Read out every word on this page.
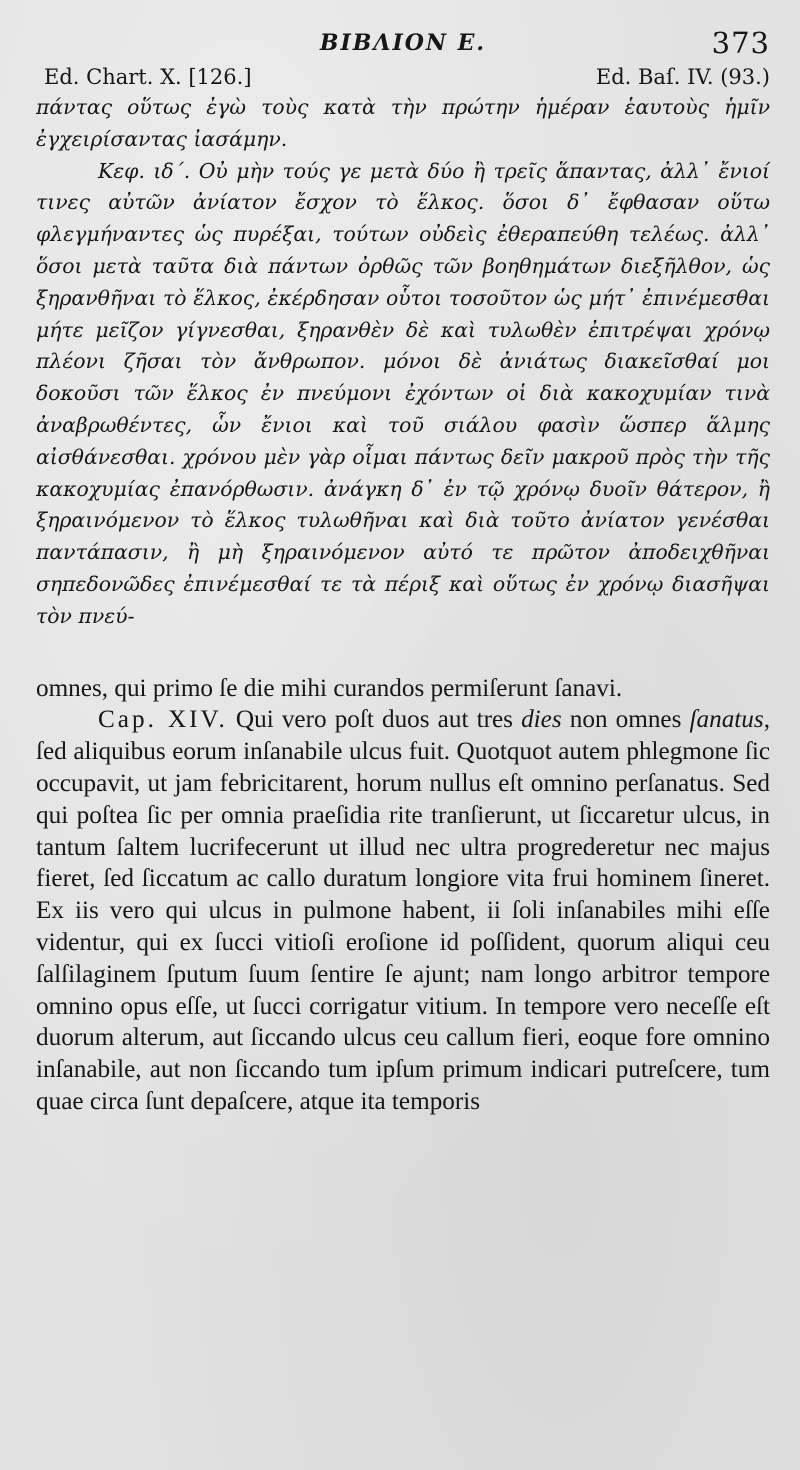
ΒΙΒΛΙΟΝ Ε.	373
Ed. Chart. X. [126.]	Ed. Baſ. IV. (93.)

πάντας οὕτως ἐγὼ τοὺς κατὰ τὴν πρώτην ἡμέραν ἑαυτοὺς ἡμῖν ἐγχειρίσαντας ἰασάμην.

Κεφ. ιδ΄. Οὐ μὴν τούς γε μετὰ δύο ἢ τρεῖς ἅπαντας, ἀλλ᾽ ἔνιοί τινες αὐτῶν ἀνίατον ἔσχον τὸ ἕλκος. ὅσοι δ᾽ ἔφθασαν οὕτω φλεγμήναντες ὡς πυρέξαι, τούτων οὐδεὶς ἐθεραπεύθη τελέως. ἀλλ᾽ ὅσοι μετὰ ταῦτα διὰ πάντων ὀρθῶς τῶν βοηθημάτων διεξῆλθον, ὡς ξηρανθῆναι τὸ ἕλκος, ἐκέρδησαν οὗτοι τοσοῦτον ὡς μήτ᾽ ἐπινέμεσθαι μήτε μεῖζον γίγνεσθαι, ξηρανθὲν δὲ καὶ τυλωθὲν ἐπιτρέψαι χρόνῳ πλέονι ζῆσαι τὸν ἄνθρωπον. μόνοι δὲ ἀνιάτως διακεῖσθαί μοι δοκοῦσι τῶν ἕλκος ἐν πνεύμονι ἐχόντων οἱ διὰ κακοχυμίαν τινὰ ἀναβρωθέντες, ὧν ἔνιοι καὶ τοῦ σιάλου φασὶν ὥσπερ ἅλμης αἰσθάνεσθαι. χρόνου μὲν γὰρ οἶμαι πάντως δεῖν μακροῦ πρὸς τὴν τῆς κακοχυμίας ἐπανόρθωσιν. ἀνάγκη δ᾽ ἐν τῷ χρόνῳ δυοῖν θάτερον, ἢ ξηραινόμενον τὸ ἕλκος τυλωθῆναι καὶ διὰ τοῦτο ἀνίατον γενέσθαι παντάπασιν, ἢ μὴ ξηραινόμενον αὐτό τε πρῶτον ἀποδειχθῆναι σηπεδονῶδες ἐπινέμεσθαί τε τὰ πέριξ καὶ οὕτως ἐν χρόνῳ διασῆψαι τὸν πνεύ-

omnes, qui primo ſe die mihi curandos permiſerunt ſanavi.

Cap. XIV. Qui vero poſt duos aut tres dies non omnes ſanatus, ſed aliquibus eorum inſanabile ulcus fuit. Quotquot autem phlegmone ſic occupavit, ut jam febricitarent, horum nullus eſt omnino perſanatus. Sed qui poſtea ſic per omnia praeſidia rite tranſierunt, ut ſiccaretur ulcus, in tantum ſaltem lucrifecerunt ut illud nec ultra progrederetur nec majus fieret, ſed ſiccatum ac callo duratum longiore vita frui hominem ſineret. Ex iis vero qui ulcus in pulmone habent, ii ſoli inſanabiles mihi eſſe videntur, qui ex ſucci vitioſi eroſione id poſſident, quorum aliqui ceu ſalſilaginem ſputum ſuum ſentire ſe ajunt; nam longo arbitror tempore omnino opus eſſe, ut ſucci corrigatur vitium. In tempore vero neceſſe eſt duorum alterum, aut ſiccando ulcus ceu callum fieri, eoque fore omnino inſanabile, aut non ſiccando tum ipſum primum indicari putreſcere, tum quae circa ſunt depaſcere, atque ita temporis
